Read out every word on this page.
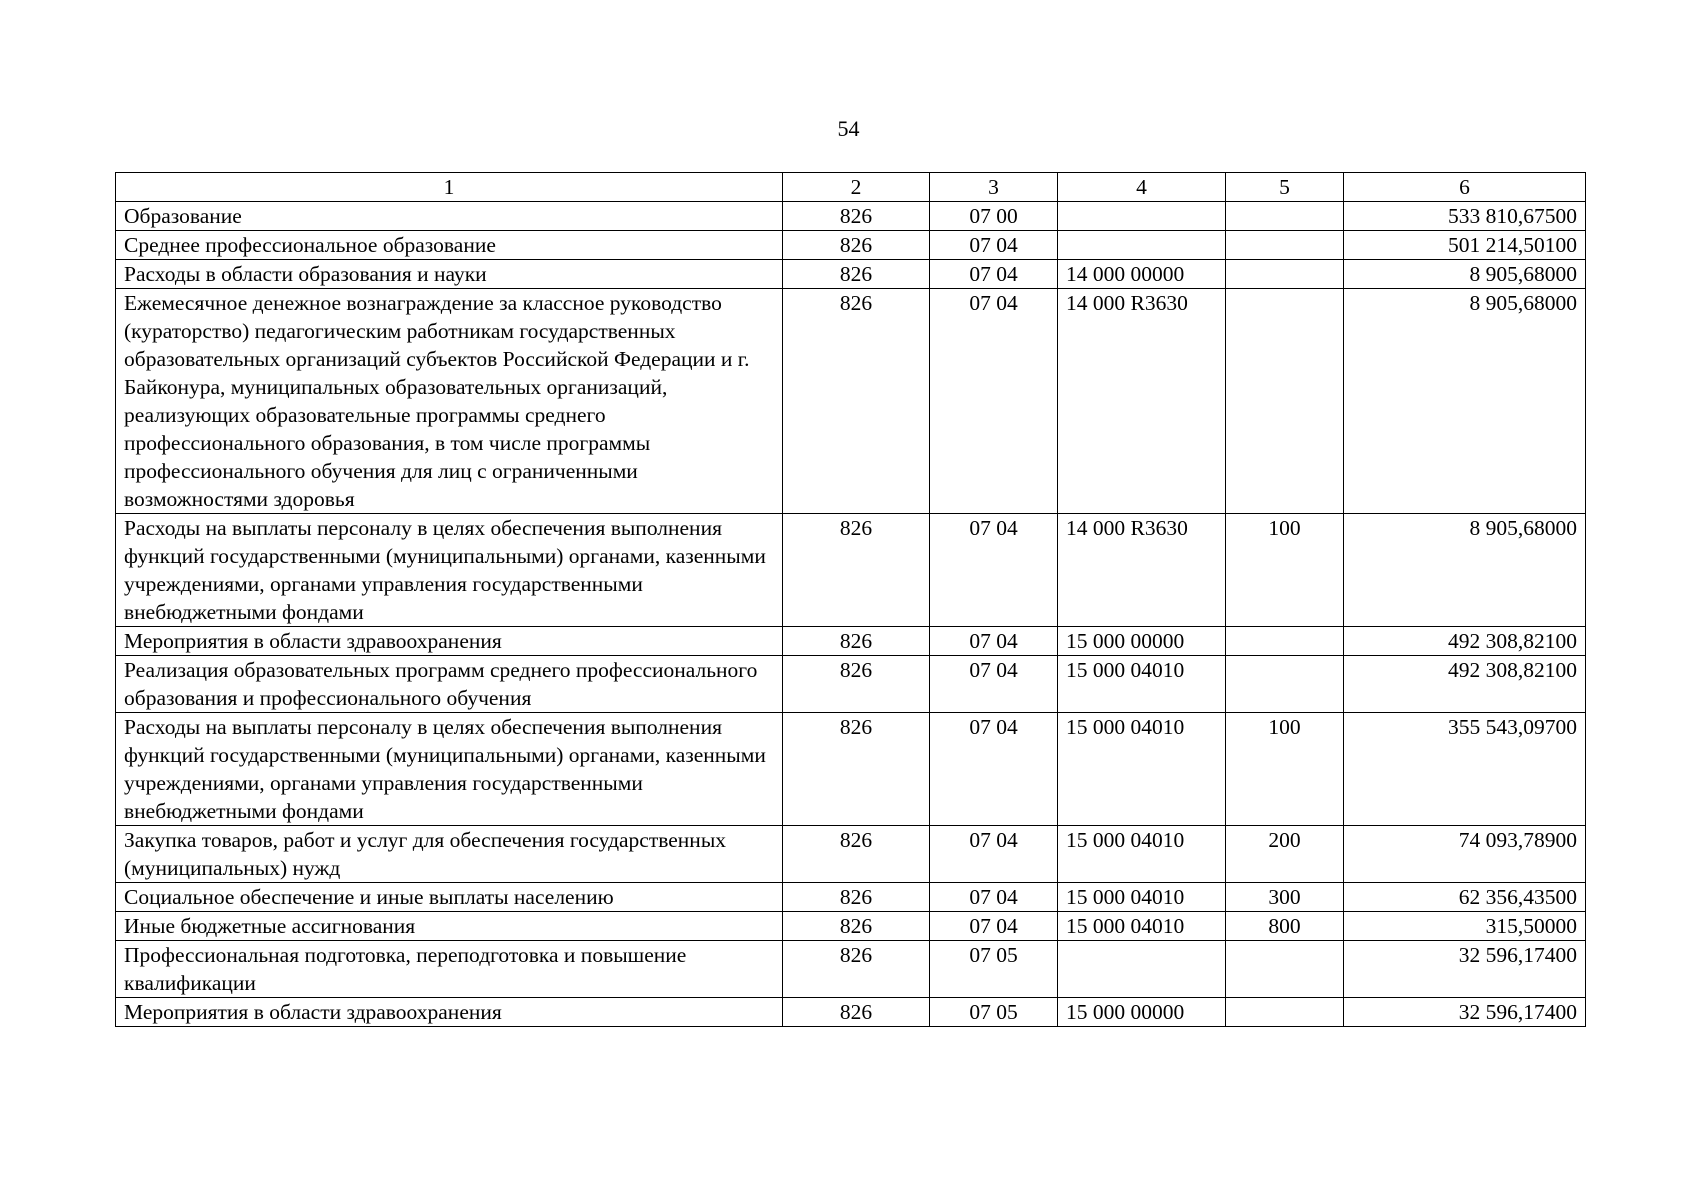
54
1	2	3	4	5	6
Образование	826	07 00			533 810,67500
Среднее профессиональное образование	826	07 04			501 214,50100
Расходы в области образования и науки	826	07 04	14 000 00000		8 905,68000
Ежемесячное денежное вознаграждение за классное руководство (кураторство) педагогическим работникам государственных образовательных организаций субъектов Российской Федерации и г. Байконура, муниципальных образовательных организаций, реализующих образовательные программы среднего профессионального образования, в том числе программы профессионального обучения для лиц с ограниченными возможностями здоровья	826	07 04	14 000 R3630		8 905,68000
Расходы на выплаты персоналу в целях обеспечения выполнения функций государственными (муниципальными) органами, казенными учреждениями, органами управления государственными внебюджетными фондами	826	07 04	14 000 R3630	100	8 905,68000
Мероприятия в области здравоохранения	826	07 04	15 000 00000		492 308,82100
Реализация образовательных программ среднего профессионального образования и профессионального обучения	826	07 04	15 000 04010		492 308,82100
Расходы на выплаты персоналу в целях обеспечения выполнения функций государственными (муниципальными) органами, казенными учреждениями, органами управления государственными внебюджетными фондами	826	07 04	15 000 04010	100	355 543,09700
Закупка товаров, работ и услуг для обеспечения государственных (муниципальных) нужд	826	07 04	15 000 04010	200	74 093,78900
Социальное обеспечение и иные выплаты населению	826	07 04	15 000 04010	300	62 356,43500
Иные бюджетные ассигнования	826	07 04	15 000 04010	800	315,50000
Профессиональная подготовка, переподготовка и повышение квалификации	826	07 05			32 596,17400
Мероприятия в области здравоохранения	826	07 05	15 000 00000		32 596,17400
